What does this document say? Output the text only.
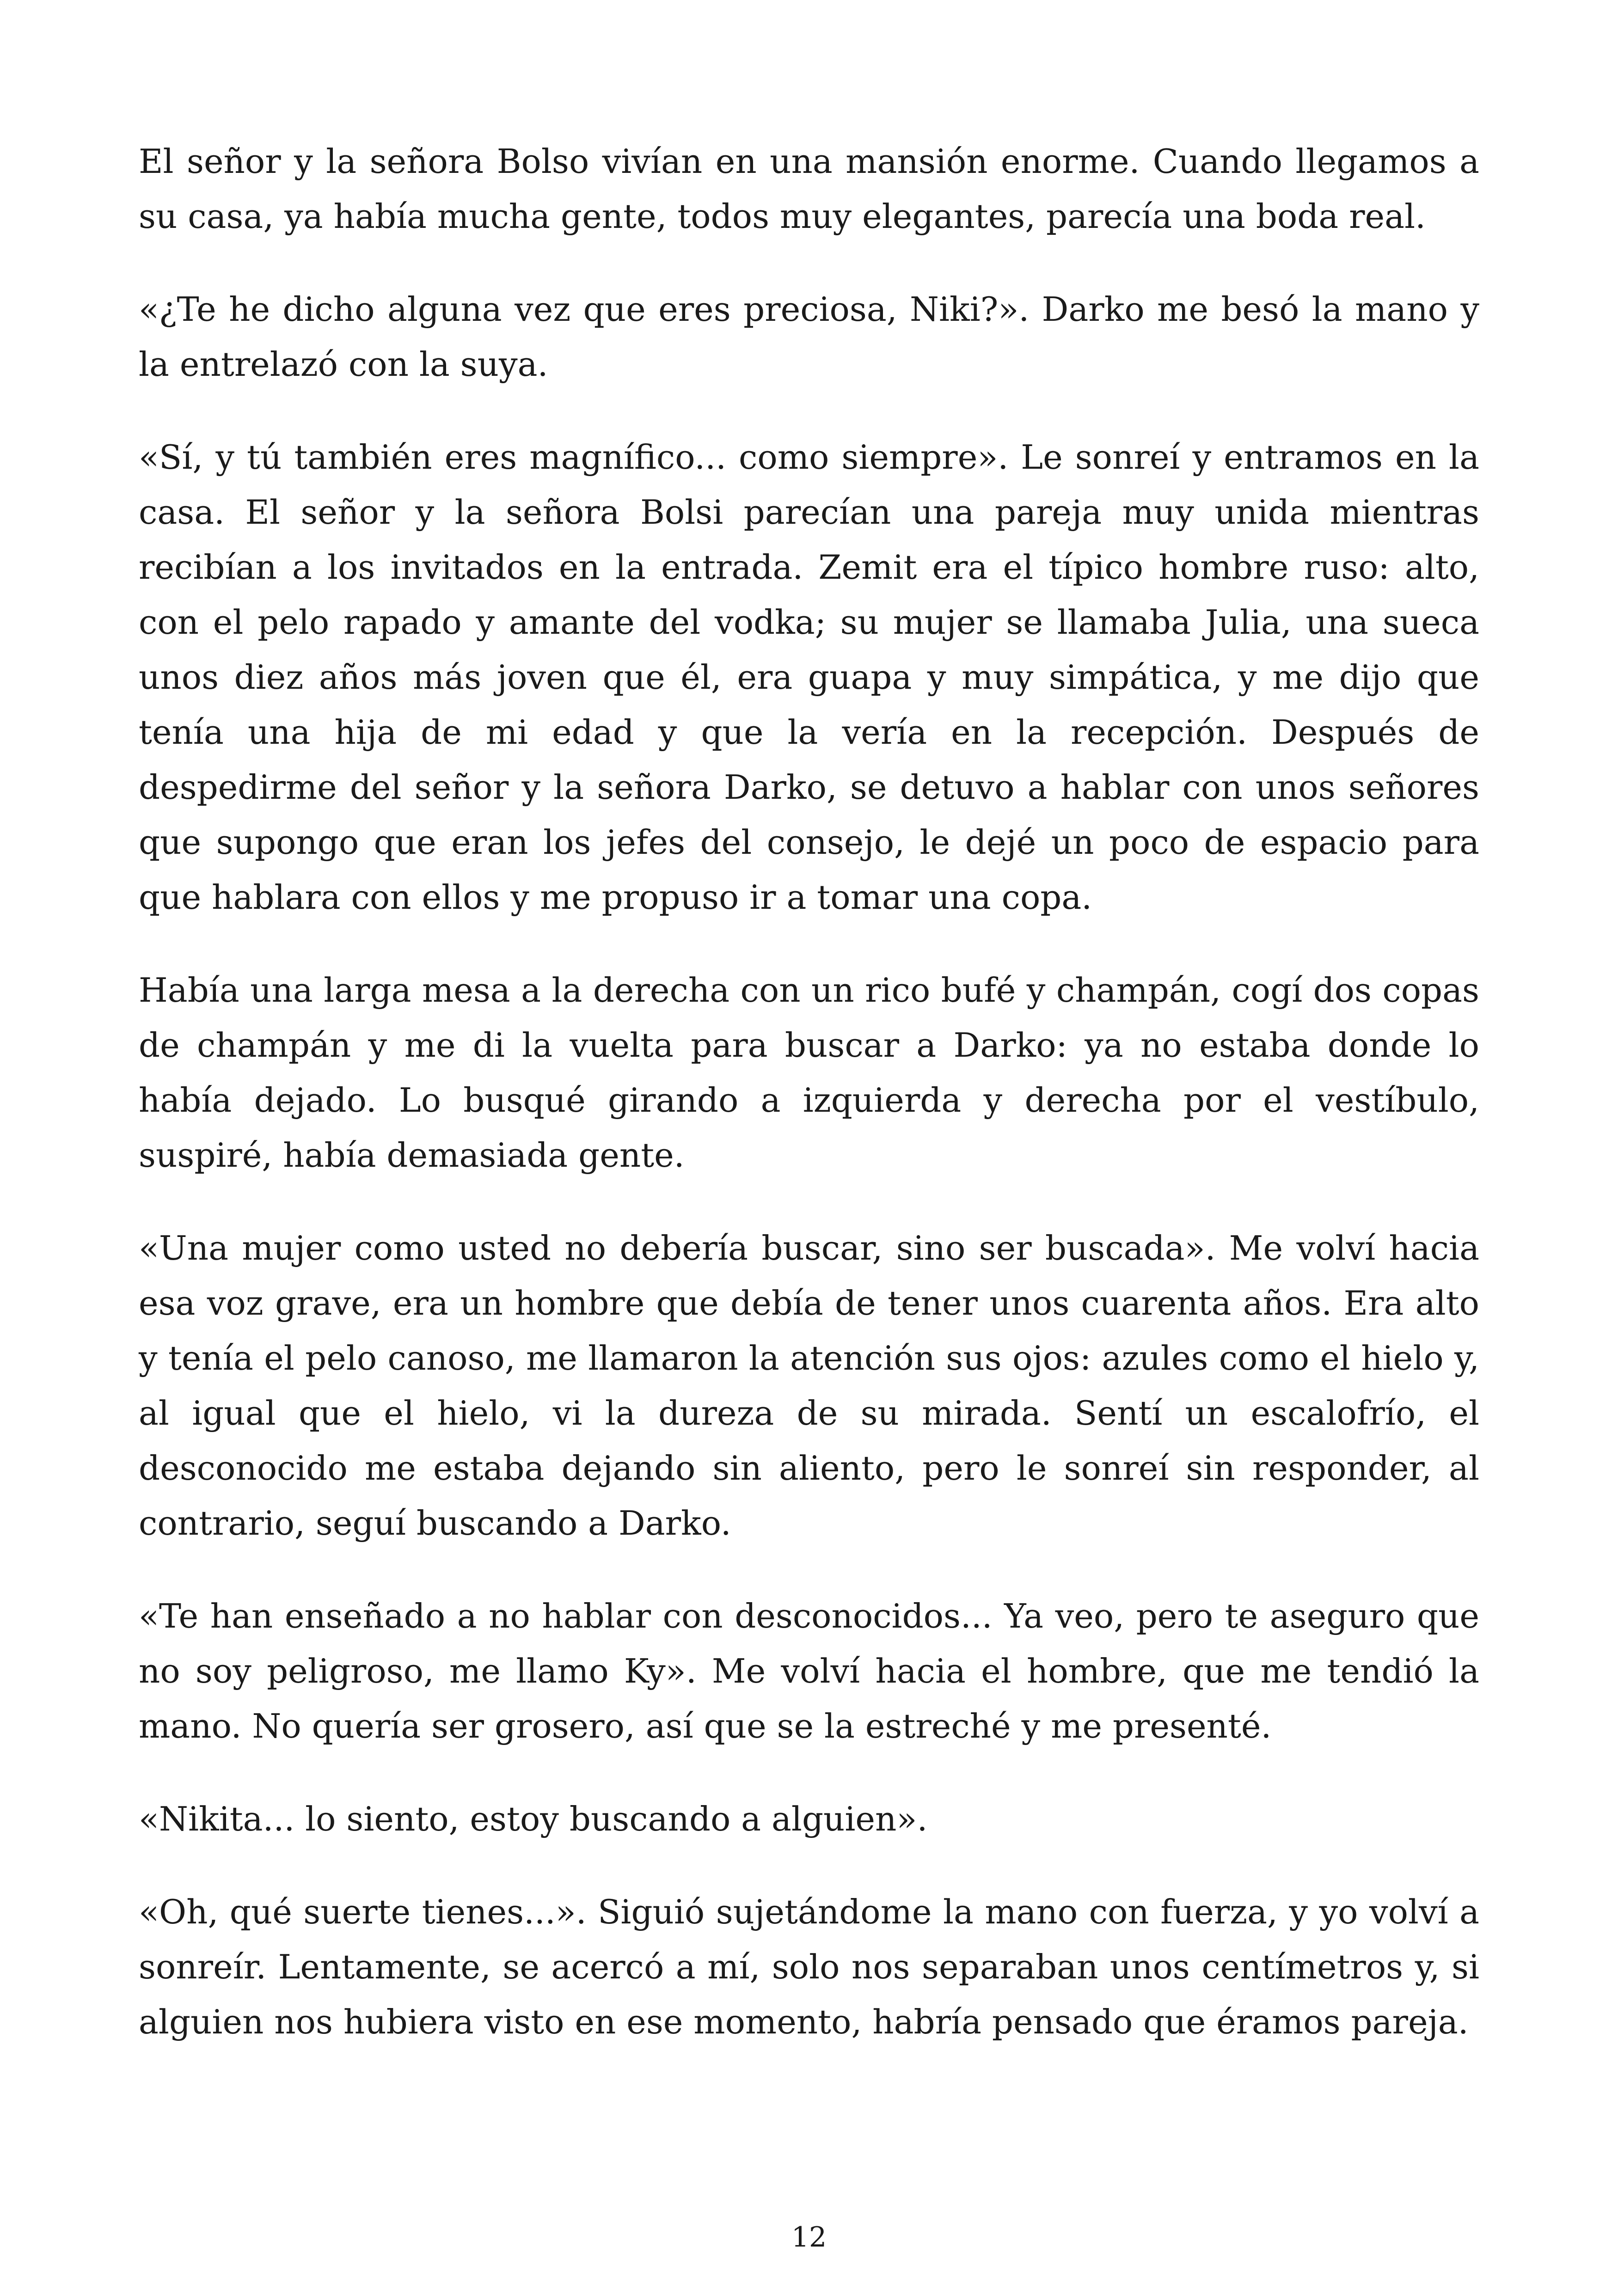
El señor y la señora Bolso vivían en una mansión enorme. Cuando llegamos a su casa, ya había mucha gente, todos muy elegantes, parecía una boda real.

«¿Te he dicho alguna vez que eres preciosa, Niki?». Darko me besó la mano y la entrelazó con la suya.

«Sí, y tú también eres magnífico... como siempre». Le sonreí y entramos en la casa. El señor y la señora Bolsi parecían una pareja muy unida mientras recibían a los invitados en la entrada. Zemit era el típico hombre ruso: alto, con el pelo rapado y amante del vodka; su mujer se llamaba Julia, una sueca unos diez años más joven que él, era guapa y muy simpática, y me dijo que tenía una hija de mi edad y que la vería en la recepción. Después de despedirme del señor y la señora Darko, se detuvo a hablar con unos señores que supongo que eran los jefes del consejo, le dejé un poco de espacio para que hablara con ellos y me propuso ir a tomar una copa.

Había una larga mesa a la derecha con un rico bufé y champán, cogí dos copas de champán y me di la vuelta para buscar a Darko: ya no estaba donde lo había dejado. Lo busqué girando a izquierda y derecha por el vestíbulo, suspiré, había demasiada gente.

«Una mujer como usted no debería buscar, sino ser buscada». Me volví hacia esa voz grave, era un hombre que debía de tener unos cuarenta años. Era alto y tenía el pelo canoso, me llamaron la atención sus ojos: azules como el hielo y, al igual que el hielo, vi la dureza de su mirada. Sentí un escalofrío, el desconocido me estaba dejando sin aliento, pero le sonreí sin responder, al contrario, seguí buscando a Darko.

«Te han enseñado a no hablar con desconocidos... Ya veo, pero te aseguro que no soy peligroso, me llamo Ky». Me volví hacia el hombre, que me tendió la mano. No quería ser grosero, así que se la estreché y me presenté.

«Nikita... lo siento, estoy buscando a alguien».

«Oh, qué suerte tienes...». Siguió sujetándome la mano con fuerza, y yo volví a sonreír. Lentamente, se acercó a mí, solo nos separaban unos centímetros y, si alguien nos hubiera visto en ese momento, habría pensado que éramos pareja.

12
